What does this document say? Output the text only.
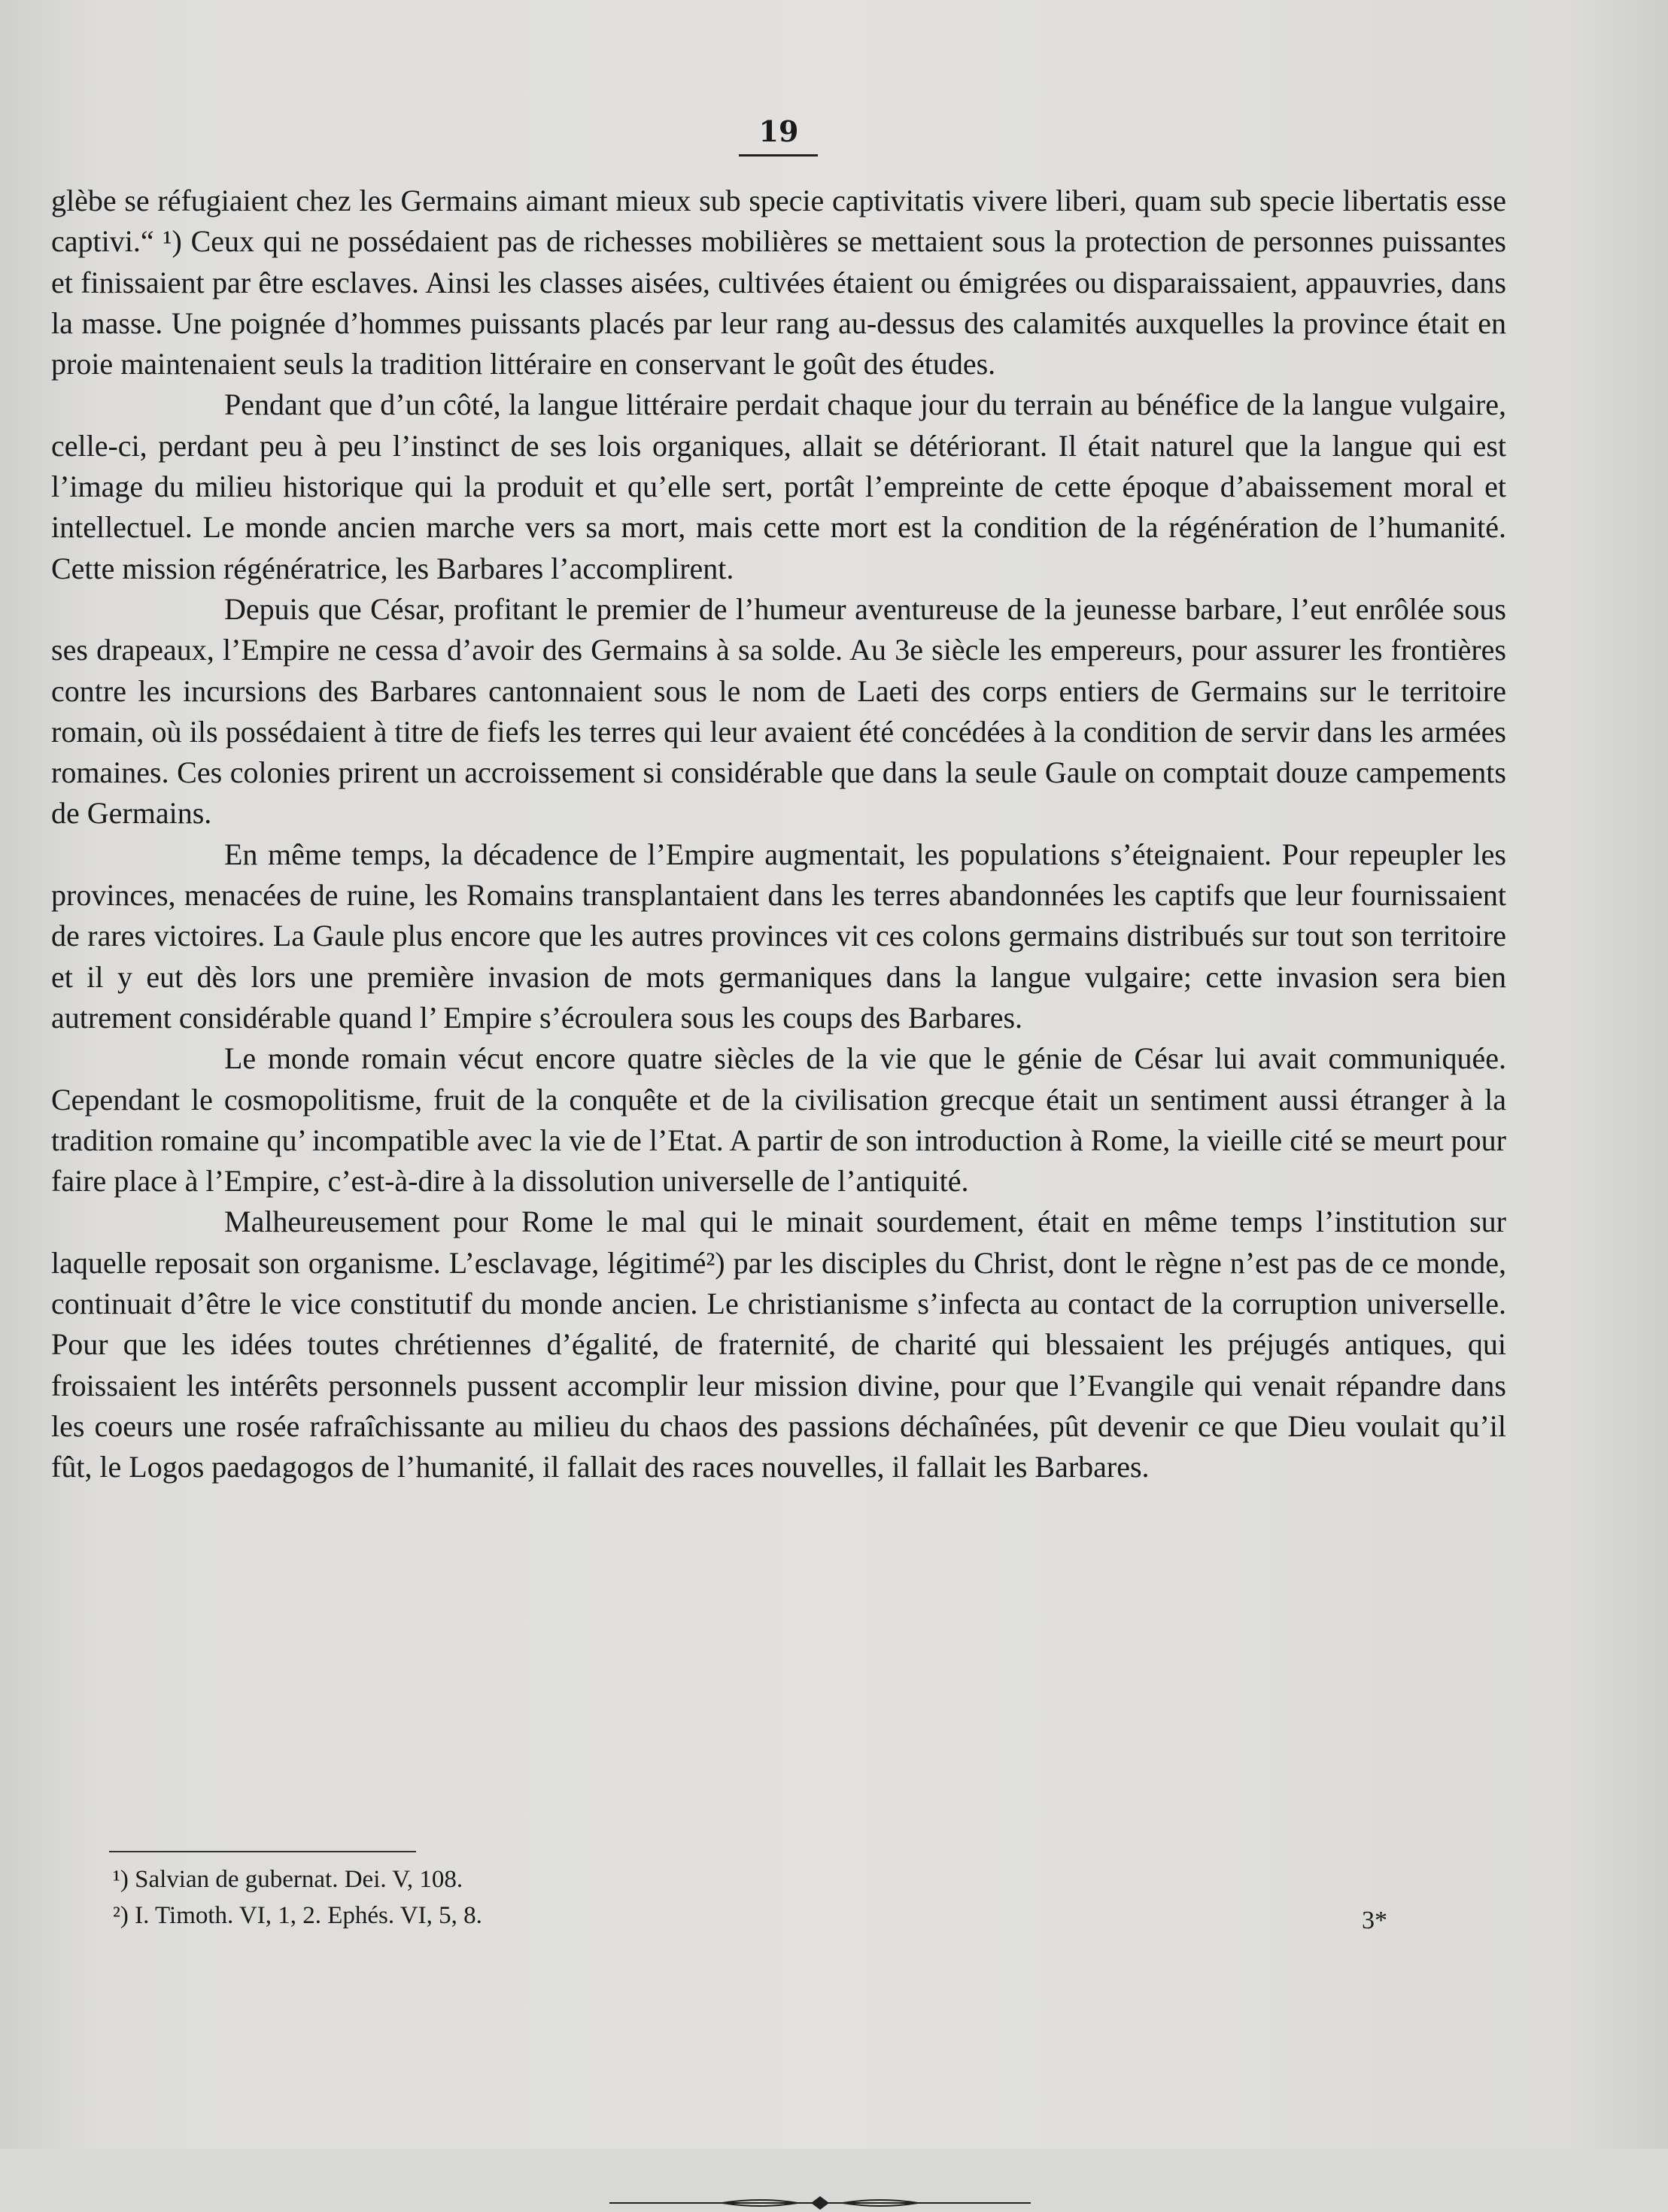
19

glèbe se réfugiaient chez les Germains aimant mieux sub specie captivitatis vivere liberi, quam sub specie libertatis esse captivi.“ ¹) Ceux qui ne possédaient pas de richesses mobilières se mettaient sous la protection de personnes puissantes et finissaient par être esclaves. Ainsi les classes aisées, cultivées étaient ou émigrées ou disparaissaient, appauvries, dans la masse. Une poignée d’hommes puissants placés par leur rang au-dessus des calamités auxquelles la province était en proie maintenaient seuls la tradition littéraire en conservant le goût des études.

Pendant que d’un côté, la langue littéraire perdait chaque jour du terrain au bénéfice de la langue vulgaire, celle-ci, perdant peu à peu l’instinct de ses lois organiques, allait se détériorant. Il était naturel que la langue qui est l’image du milieu historique qui la produit et qu’elle sert, portât l’empreinte de cette époque d’abaissement moral et intellectuel. Le monde ancien marche vers sa mort, mais cette mort est la condition de la régénération de l’humanité. Cette mission régénératrice, les Barbares l’accomplirent.

Depuis que César, profitant le premier de l’humeur aventureuse de la jeunesse barbare, l’eut enrôlée sous ses drapeaux, l’Empire ne cessa d’avoir des Germains à sa solde. Au 3e siècle les empereurs, pour assurer les frontières contre les incursions des Barbares cantonnaient sous le nom de Laeti des corps entiers de Germains sur le territoire romain, où ils possédaient à titre de fiefs les terres qui leur avaient été concédées à la condition de servir dans les armées romaines. Ces colonies prirent un accroissement si considérable que dans la seule Gaule on comptait douze campements de Germains.

En même temps, la décadence de l’Empire augmentait, les populations s’éteignaient. Pour repeupler les provinces, menacées de ruine, les Romains transplantaient dans les terres abandonnées les captifs que leur fournissaient de rares victoires. La Gaule plus encore que les autres provinces vit ces colons germains distribués sur tout son territoire et il y eut dès lors une première invasion de mots germaniques dans la langue vulgaire; cette invasion sera bien autrement considérable quand l’ Empire s’écroulera sous les coups des Barbares.

Le monde romain vécut encore quatre siècles de la vie que le génie de César lui avait communiquée. Cependant le cosmopolitisme, fruit de la conquête et de la civilisation grecque était un sentiment aussi étranger à la tradition romaine qu’ incompatible avec la vie de l’Etat. A partir de son introduction à Rome, la vieille cité se meurt pour faire place à l’Empire, c’est-à-dire à la dissolution universelle de l’antiquité.

Malheureusement pour Rome le mal qui le minait sourdement, était en même temps l’institution sur laquelle reposait son organisme. L’esclavage, légitimé²) par les disciples du Christ, dont le règne n’est pas de ce monde, continuait d’être le vice constitutif du monde ancien. Le christianisme s’infecta au contact de la corruption universelle. Pour que les idées toutes chrétiennes d’égalité, de fraternité, de charité qui blessaient les préjugés antiques, qui froissaient les intérêts personnels pussent accomplir leur mission divine, pour que l’Evangile qui venait répandre dans les coeurs une rosée rafraîchissante au milieu du chaos des passions déchaînées, pût devenir ce que Dieu voulait qu’il fût, le Logos paedagogos de l’humanité, il fallait des races nouvelles, il fallait les Barbares.

¹) Salvian de gubernat. Dei. V, 108.
²) I. Timoth. VI, 1, 2. Ephés. VI, 5, 8.	3*
